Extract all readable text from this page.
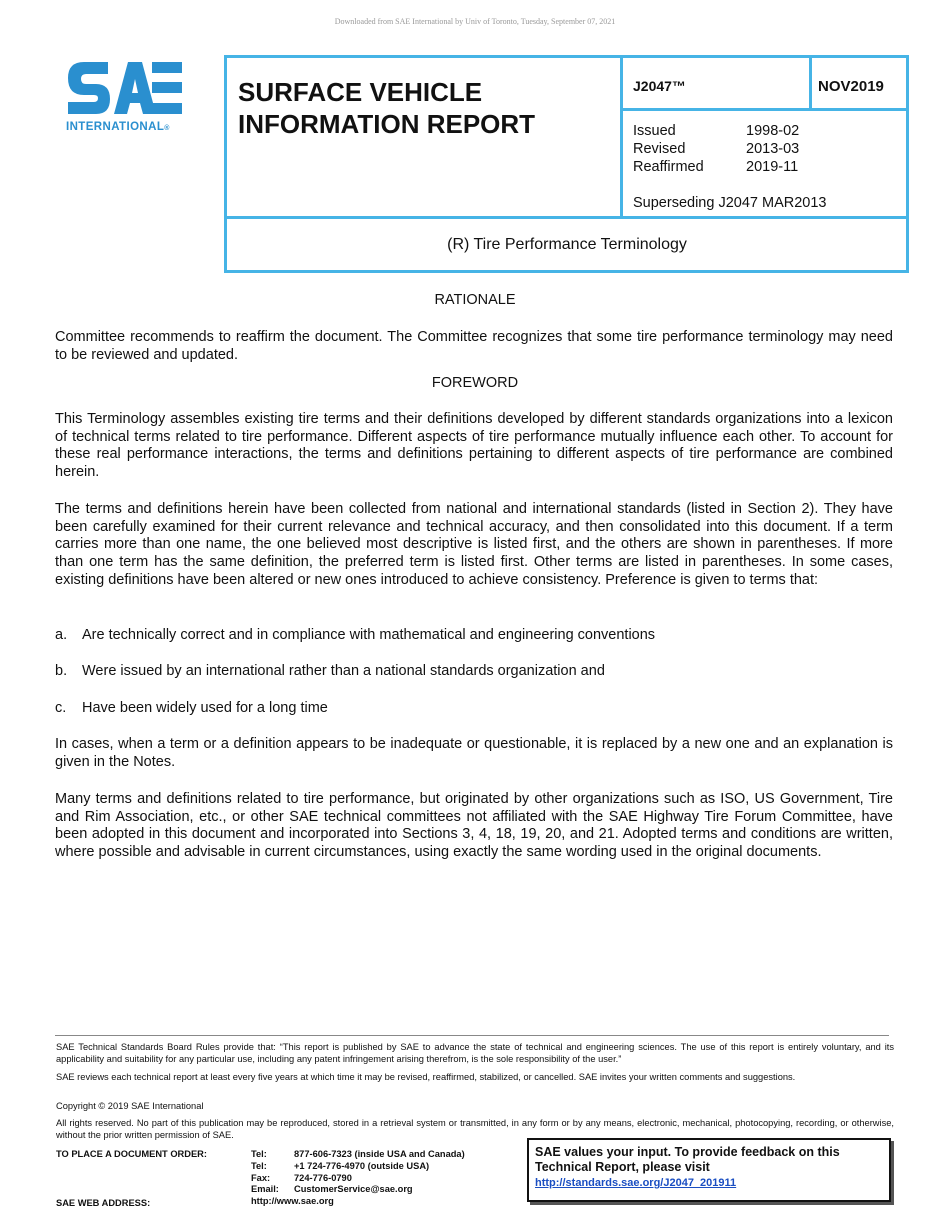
Downloaded from SAE International by Univ of Toronto, Tuesday, September 07, 2021
INTERNATIONAL®
SURFACE VEHICLE
INFORMATION REPORT
J2047™	NOV2019
Issued	1998-02
Revised	2013-03
Reaffirmed	2019-11
Superseding J2047 MAR2013
(R) Tire Performance Terminology
RATIONALE

Committee recommends to reaffirm the document. The Committee recognizes that some tire performance terminology may need to be reviewed and updated.

FOREWORD

This Terminology assembles existing tire terms and their definitions developed by different standards organizations into a lexicon of technical terms related to tire performance. Different aspects of tire performance mutually influence each other. To account for these real performance interactions, the terms and definitions pertaining to different aspects of tire performance are combined herein.

The terms and definitions herein have been collected from national and international standards (listed in Section 2). They have been carefully examined for their current relevance and technical accuracy, and then consolidated into this document. If a term carries more than one name, the one believed most descriptive is listed first, and the others are shown in parentheses. If more than one term has the same definition, the preferred term is listed first. Other terms are listed in parentheses. In some cases, existing definitions have been altered or new ones introduced to achieve consistency. Preference is given to terms that:

a. Are technically correct and in compliance with mathematical and engineering conventions
b. Were issued by an international rather than a national standards organization and
c. Have been widely used for a long time

In cases, when a term or a definition appears to be inadequate or questionable, it is replaced by a new one and an explanation is given in the Notes.

Many terms and definitions related to tire performance, but originated by other organizations such as ISO, US Government, Tire and Rim Association, etc., or other SAE technical committees not affiliated with the SAE Highway Tire Forum Committee, have been adopted in this document and incorporated into Sections 3, 4, 18, 19, 20, and 21. Adopted terms and conditions are written, where possible and advisable in current circumstances, using exactly the same wording used in the original documents.

SAE Technical Standards Board Rules provide that: “This report is published by SAE to advance the state of technical and engineering sciences. The use of this report is entirely voluntary, and its applicability and suitability for any particular use, including any patent infringement arising therefrom, is the sole responsibility of the user.”

SAE reviews each technical report at least every five years at which time it may be revised, reaffirmed, stabilized, or cancelled. SAE invites your written comments and suggestions.

Copyright © 2019 SAE International

All rights reserved. No part of this publication may be reproduced, stored in a retrieval system or transmitted, in any form or by any means, electronic, mechanical, photocopying, recording, or otherwise, without the prior written permission of SAE.

TO PLACE A DOCUMENT ORDER:
SAE WEB ADDRESS:
Tel:	877-606-7323 (inside USA and Canada)
Tel:	+1 724-776-4970 (outside USA)
Fax:	724-776-0790
Email: CustomerService@sae.org
http://www.sae.org
SAE values your input. To provide feedback on this Technical Report, please visit
http://standards.sae.org/J2047_201911
